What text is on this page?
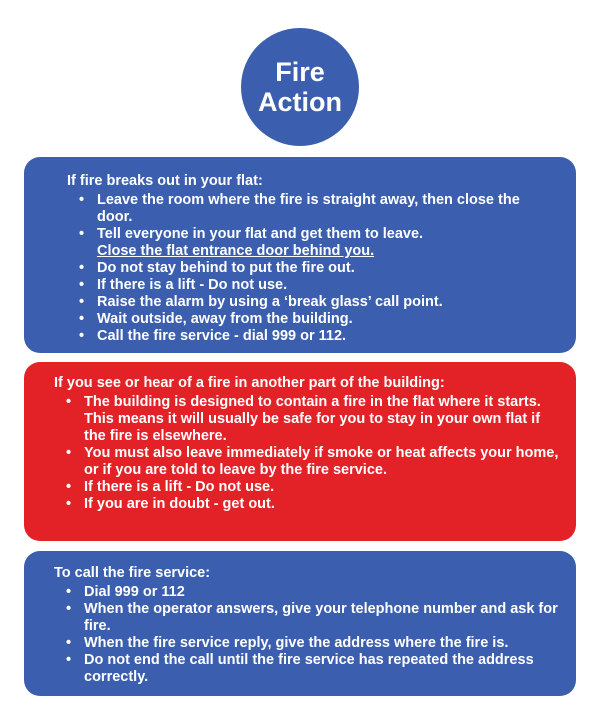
Fire
Action
If fire breaks out in your flat:
• Leave the room where the fire is straight away, then close the door.
• Tell everyone in your flat and get them to leave.
Close the flat entrance door behind you.
• Do not stay behind to put the fire out.
• If there is a lift - Do not use.
• Raise the alarm by using a ‘break glass’ call point.
• Wait outside, away from the building.
• Call the fire service - dial 999 or 112.
If you see or hear of a fire in another part of the building:
• The building is designed to contain a fire in the flat where it starts.
This means it will usually be safe for you to stay in your own flat if the fire is elsewhere.
• You must also leave immediately if smoke or heat affects your home, or if you are told to leave by the fire service.
• If there is a lift - Do not use.
• If you are in doubt - get out.
To call the fire service:
• Dial 999 or 112
• When the operator answers, give your telephone number and ask for fire.
• When the fire service reply, give the address where the fire is.
• Do not end the call until the fire service has repeated the address correctly.
